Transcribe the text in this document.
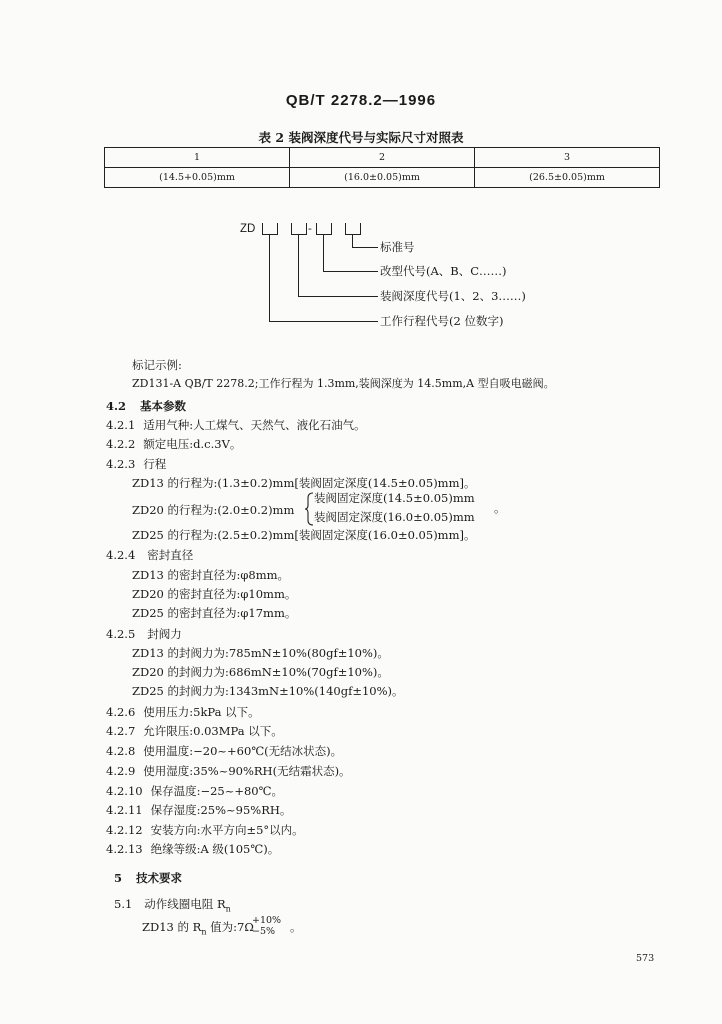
QB/T 2278.2—1996
表 2 装阀深度代号与实际尺寸对照表
1	2	3
(14.5+0.05)mm	(16.0±0.05)mm	(26.5±0.05)mm
ZD	-
标准号
改型代号(A、B、C……)
装阀深度代号(1、2、3……)
工作行程代号(2 位数字)
标记示例:
ZD131-A QB/T 2278.2;工作行程为 1.3mm,装阀深度为 14.5mm,A 型自吸电磁阀。
4.2 基本参数
4.2.1 适用气种:人工煤气、天然气、液化石油气。
4.2.2 额定电压:d.c.3V。
4.2.3 行程
ZD13 的行程为:(1.3±0.2)mm[装阀固定深度(14.5±0.05)mm]。
ZD20 的行程为:(2.0±0.2)mm
装阀固定深度(14.5±0.05)mm
装阀固定深度(16.0±0.05)mm
。
ZD25 的行程为:(2.5±0.2)mm[装阀固定深度(16.0±0.05)mm]。
4.2.4 密封直径
ZD13 的密封直径为:φ8mm。
ZD20 的密封直径为:φ10mm。
ZD25 的密封直径为:φ17mm。
4.2.5 封阀力
ZD13 的封阀力为:785mN±10%(80gf±10%)。
ZD20 的封阀力为:686mN±10%(70gf±10%)。
ZD25 的封阀力为:1343mN±10%(140gf±10%)。
4.2.6 使用压力:5kPa 以下。
4.2.7 允许限压:0.03MPa 以下。
4.2.8 使用温度:−20~+60℃(无结冰状态)。
4.2.9 使用湿度:35%~90%RH(无结霜状态)。
4.2.10 保存温度:−25~+80℃。
4.2.11 保存湿度:25%~95%RH。
4.2.12 安装方向:水平方向±5°以内。
4.2.13 绝缘等级:A 级(105℃)。
5 技术要求
5.1 动作线圈电阻 $R_n$
ZD13 的 $R_n$ 值为:7Ω
+10%
−5%	。
573
